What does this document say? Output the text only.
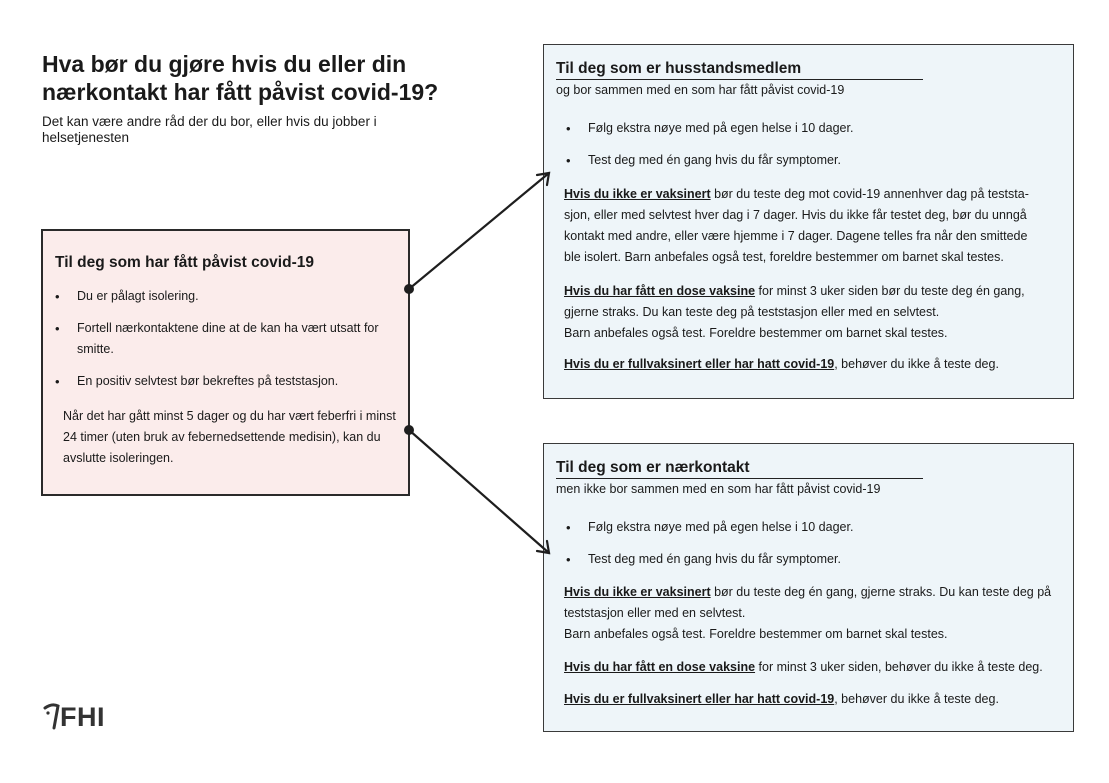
Hva bør du gjøre hvis du eller din nærkontakt har fått påvist covid-19?
Det kan være andre råd der du bor, eller hvis du jobber i helsetjenesten
Til deg som har fått påvist covid-19
• Du er pålagt isolering.
• Fortell nærkontaktene dine at de kan ha vært utsatt for smitte.
• En positiv selvtest bør bekreftes på teststasjon.
Når det har gått minst 5 dager og du har vært feberfri i minst 24 timer (uten bruk av febernedsettende medisin), kan du avslutte isoleringen.
Til deg som er husstandsmedlem
og bor sammen med en som har fått påvist covid-19
• Følg ekstra nøye med på egen helse i 10 dager.
• Test deg med én gang hvis du får symptomer.
Hvis du ikke er vaksinert bør du teste deg mot covid-19 annenhver dag på teststa-sjon, eller med selvtest hver dag i 7 dager. Hvis du ikke får testet deg, bør du unngå kontakt med andre, eller være hjemme i 7 dager. Dagene telles fra når den smittede ble isolert. Barn anbefales også test, foreldre bestemmer om barnet skal testes.
Hvis du har fått en dose vaksine for minst 3 uker siden bør du teste deg én gang, gjerne straks. Du kan teste deg på teststasjon eller med en selvtest.
Barn anbefales også test. Foreldre bestemmer om barnet skal testes.
Hvis du er fullvaksinert eller har hatt covid-19, behøver du ikke å teste deg.
Til deg som er nærkontakt
men ikke bor sammen med en som har fått påvist covid-19
• Følg ekstra nøye med på egen helse i 10 dager.
• Test deg med én gang hvis du får symptomer.
Hvis du ikke er vaksinert bør du teste deg én gang, gjerne straks. Du kan teste deg på teststasjon eller med en selvtest.
Barn anbefales også test. Foreldre bestemmer om barnet skal testes.
Hvis du har fått en dose vaksine for minst 3 uker siden, behøver du ikke å teste deg.
Hvis du er fullvaksinert eller har hatt covid-19, behøver du ikke å teste deg.
FHI
